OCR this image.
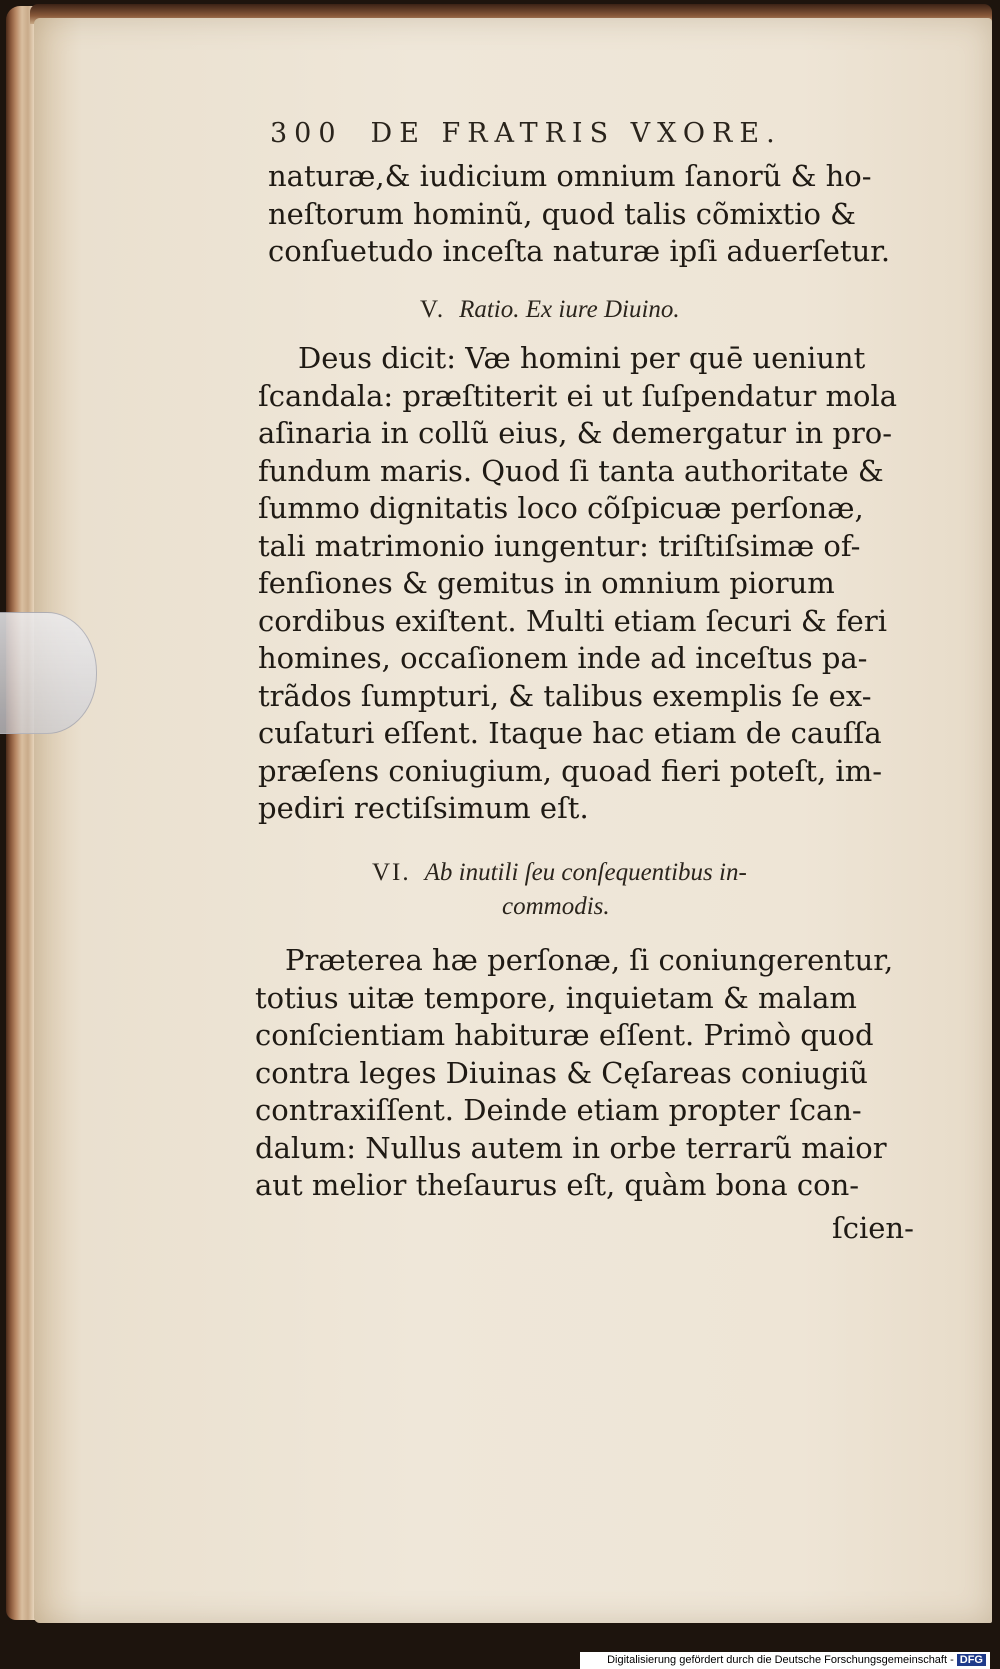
300 DE FRATRIS VXORE.
naturæ,& iudicium omnium ſanorũ & ho-
neſtorum hominũ, quod talis cõmixtio &
conſuetudo inceſta naturæ ipſi aduerſetur.
V. Ratio. Ex iure Diuino.
Deus dicit: Væ homini per quē ueniunt
ſcandala: præſtiterit ei ut ſuſpendatur mola
aſinaria in collũ eius, & demergatur in pro-
fundum maris. Quod ſi tanta authoritate &
ſummo dignitatis loco cõſpicuæ perſonæ,
tali matrimonio iungentur: triſtiſsimæ of-
fenſiones & gemitus in omnium piorum
cordibus exiſtent. Multi etiam ſecuri & feri
homines, occaſionem inde ad inceſtus pa-
trãdos ſumpturi, & talibus exemplis ſe ex-
cuſaturi eſſent. Itaque hac etiam de cauſſa
præſens coniugium, quoad fieri poteſt, im-
pediri rectiſsimum eſt.
VI. Ab inutili ſeu conſequentibus in-
commodis.
Præterea hæ perſonæ, ſi coniungerentur,
totius uitæ tempore, inquietam & malam
conſcientiam habituræ eſſent. Primò quod
contra leges Diuinas & Cęſareas coniugiũ
contraxiſſent. Deinde etiam propter ſcan-
dalum: Nullus autem in orbe terrarũ maior
aut melior theſaurus eſt, quàm bona con-
ſcien-
Digitalisierung gefördert durch die Deutsche Forschungsgemeinschaft - DFG
